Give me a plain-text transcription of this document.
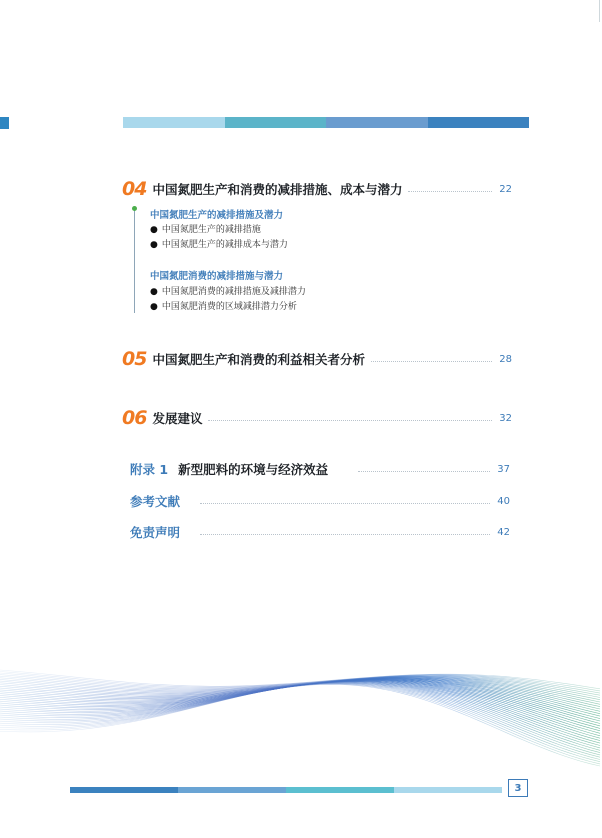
04 中国氮肥生产和消费的减排措施、成本与潜力	22
中国氮肥生产的减排措施及潜力
● 中国氮肥生产的减排措施
● 中国氮肥生产的减排成本与潜力
中国氮肥消费的减排措施与潜力
● 中国氮肥消费的减排措施及减排潜力
● 中国氮肥消费的区域减排潜力分析
05 中国氮肥生产和消费的利益相关者分析	28
06 发展建议	32
附录 1 新型肥料的环境与经济效益	37
参考文献	40
免责声明	42
3
